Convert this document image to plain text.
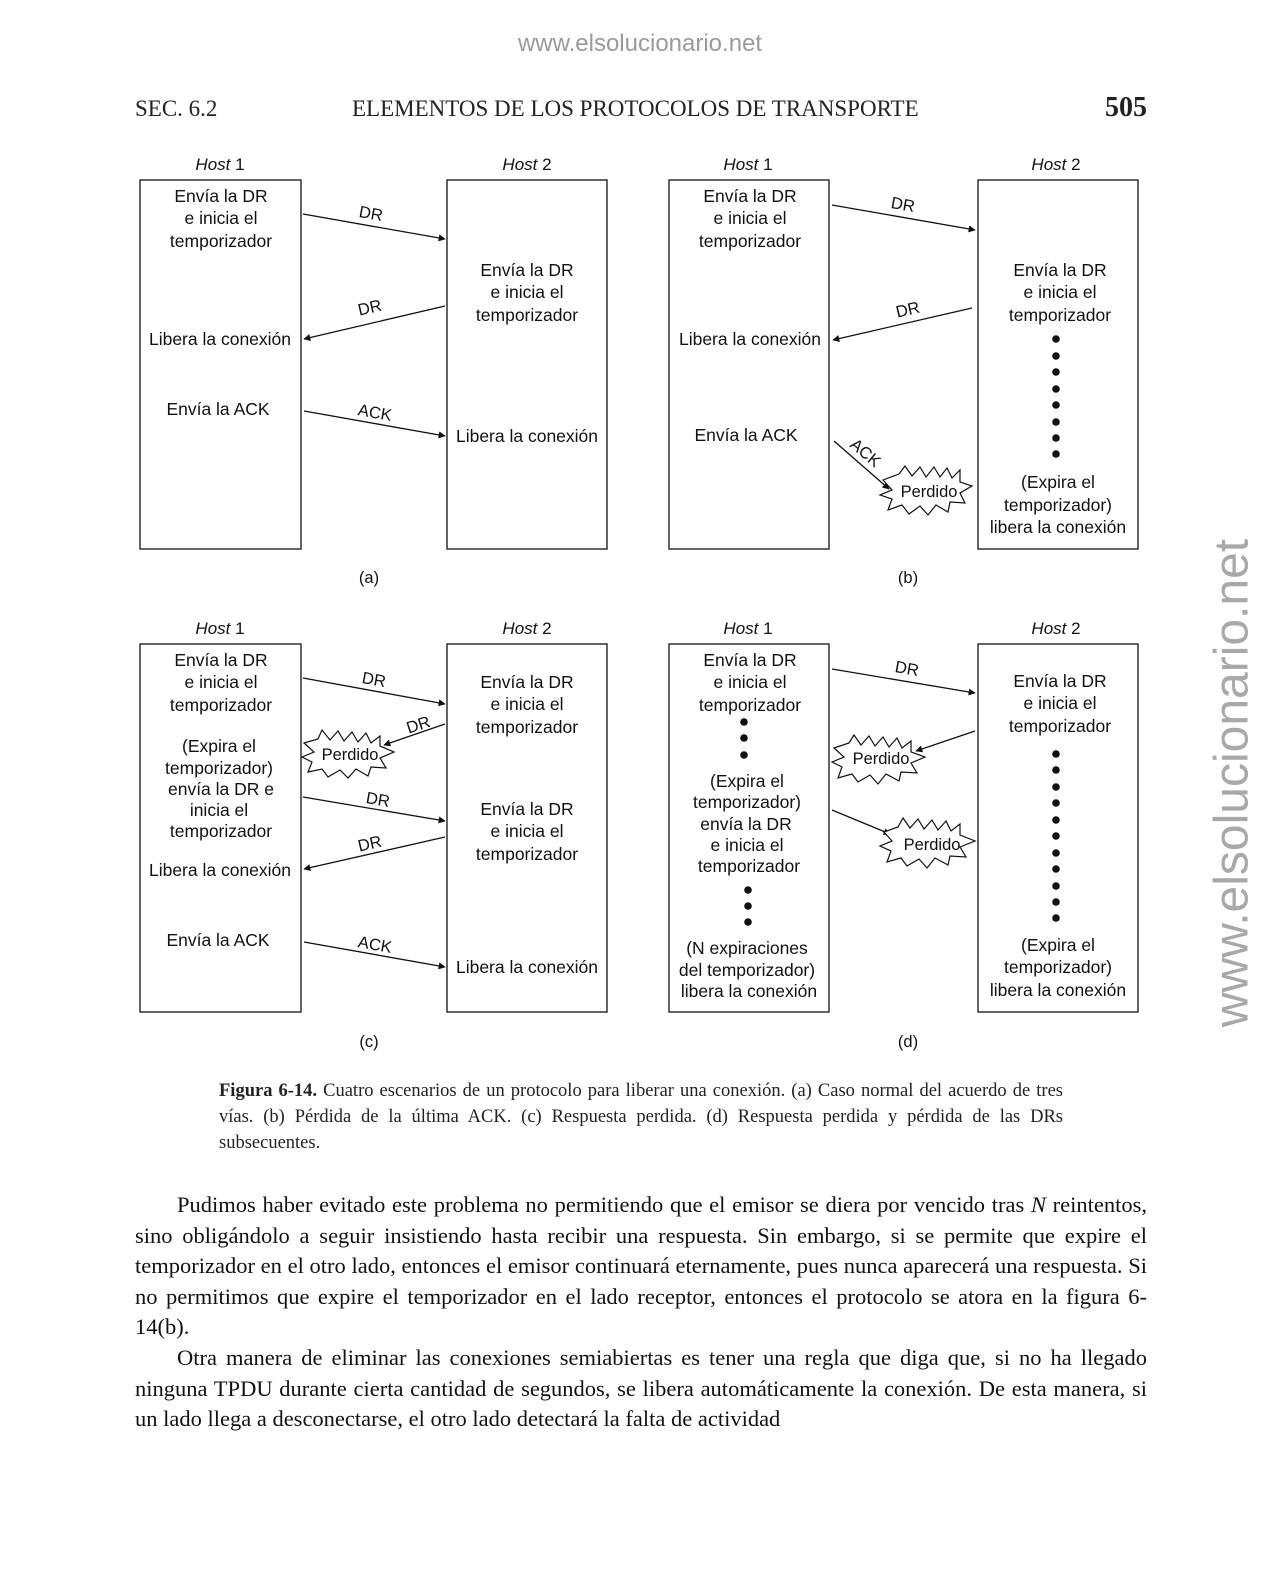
www.elsolucionario.net
www.elsolucionario.net
SEC. 6.2	ELEMENTOS DE LOS PROTOCOLOS DE TRANSPORTE	505
Host 1	Host 2
Envía la DR
e inicia el
temporizador
Envía la DR
e inicia el
temporizador
Libera la conexión
Envía la ACK
Libera la conexión
DR
DR
ACK
(a)
Host 1	Host 2
Envía la DR
e inicia el
temporizador
Envía la DR
e inicia el
temporizador
Libera la conexión
Envía la ACK
(Expira el
temporizador)
libera la conexión
DR
DR
ACK
Perdido
(b)
Host 1	Host 2
Envía la DR
e inicia el
temporizador
(Expira el
temporizador)
envía la DR e
inicia el
temporizador
Libera la conexión
Envía la ACK
Envía la DR
e inicia el
temporizador
Envía la DR
e inicia el
temporizador
Libera la conexión
DR
DR
Perdido
DR
DR
ACK
(c)
Host 1	Host 2
Envía la DR
e inicia el
temporizador
(Expira el
temporizador)
envía la DR
e inicia el
temporizador
(N expiraciones
del temporizador)
libera la conexión
Envía la DR
e inicia el
temporizador
(Expira el
temporizador)
libera la conexión
DR
Perdido
Perdido
(d)
Figura 6-14. Cuatro escenarios de un protocolo para liberar una conexión. (a) Caso normal del acuerdo de tres vías. (b) Pérdida de la última ACK. (c) Respuesta perdida. (d) Respuesta perdida y pérdida de las DRs subsecuentes.

Pudimos haber evitado este problema no permitiendo que el emisor se diera por vencido tras N reintentos, sino obligándolo a seguir insistiendo hasta recibir una respuesta. Sin embargo, si se permite que expire el temporizador en el otro lado, entonces el emisor continuará eternamente, pues nunca aparecerá una respuesta. Si no permitimos que expire el temporizador en el lado receptor, entonces el protocolo se atora en la figura 6-14(b).

Otra manera de eliminar las conexiones semiabiertas es tener una regla que diga que, si no ha llegado ninguna TPDU durante cierta cantidad de segundos, se libera automáticamente la conexión. De esta manera, si un lado llega a desconectarse, el otro lado detectará la falta de actividad
